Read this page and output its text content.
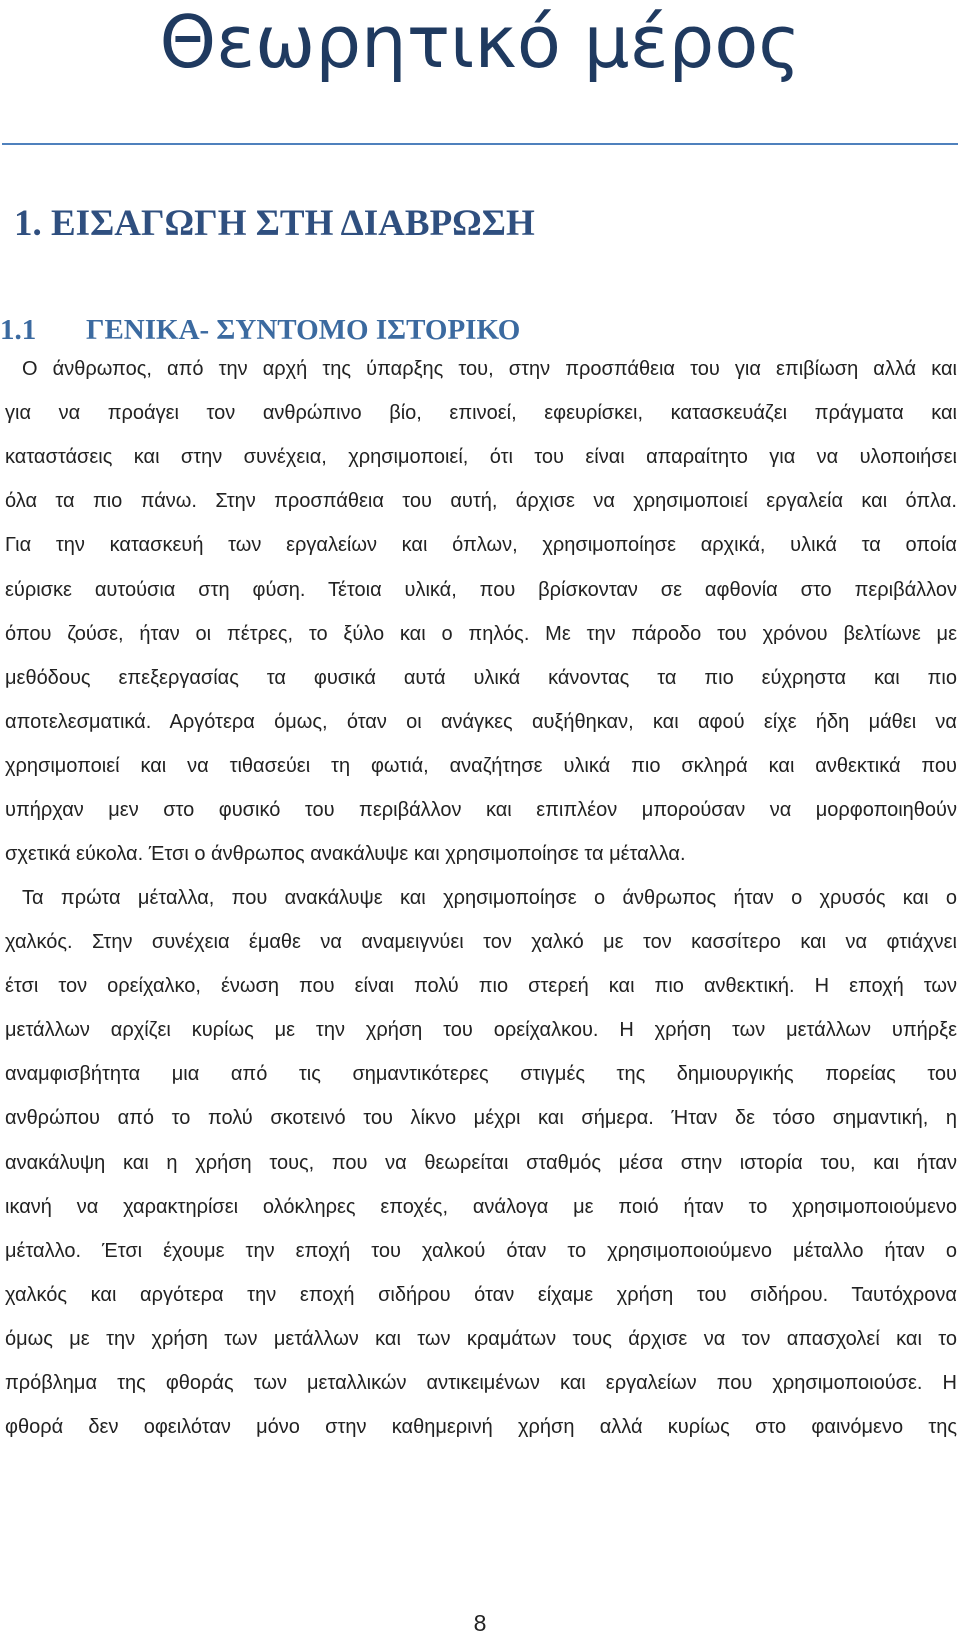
Θεωρητικό μέρος
1. ΕΙΣΑΓΩΓΗ ΣΤΗ ΔΙΑΒΡΩΣΗ
1.1 ΓΕΝΙΚΑ- ΣΥΝΤΟΜΟ ΙΣΤΟΡΙΚΟ
Ο άνθρωπος, από την αρχή της ύπαρξης του, στην προσπάθεια του για επιβίωση αλλά και
για να προάγει τον ανθρώπινο βίο, επινοεί, εφευρίσκει, κατασκευάζει πράγματα και
καταστάσεις και στην συνέχεια, χρησιμοποιεί, ότι του είναι απαραίτητο για να υλοποιήσει
όλα τα πιο πάνω. Στην προσπάθεια του αυτή, άρχισε να χρησιμοποιεί εργαλεία και όπλα.
Για την κατασκευή των εργαλείων και όπλων, χρησιμοποίησε αρχικά, υλικά τα οποία
εύρισκε αυτούσια στη φύση. Τέτοια υλικά, που βρίσκονταν σε αφθονία στο περιβάλλον
όπου ζούσε, ήταν οι πέτρες, το ξύλο και ο πηλός. Με την πάροδο του χρόνου βελτίωνε με
μεθόδους επεξεργασίας τα φυσικά αυτά υλικά κάνοντας τα πιο εύχρηστα και πιο
αποτελεσματικά. Αργότερα όμως, όταν οι ανάγκες αυξήθηκαν, και αφού είχε ήδη μάθει να
χρησιμοποιεί και να τιθασεύει τη φωτιά, αναζήτησε υλικά πιο σκληρά και ανθεκτικά που
υπήρχαν μεν στο φυσικό του περιβάλλον και επιπλέον μπορούσαν να μορφοποιηθούν
σχετικά εύκολα. Έτσι ο άνθρωπος ανακάλυψε και χρησιμοποίησε τα μέταλλα.
Τα πρώτα μέταλλα, που ανακάλυψε και χρησιμοποίησε ο άνθρωπος ήταν ο χρυσός και ο
χαλκός. Στην συνέχεια έμαθε να αναμειγνύει τον χαλκό με τον κασσίτερο και να φτιάχνει
έτσι τον ορείχαλκο, ένωση που είναι πολύ πιο στερεή και πιο ανθεκτική. Η εποχή των
μετάλλων αρχίζει κυρίως με την χρήση του ορείχαλκου. Η χρήση των μετάλλων υπήρξε
αναμφισβήτητα μια από τις σημαντικότερες στιγμές της δημιουργικής πορείας του
ανθρώπου από το πολύ σκοτεινό του λίκνο μέχρι και σήμερα. Ήταν δε τόσο σημαντική, η
ανακάλυψη και η χρήση τους, που να θεωρείται σταθμός μέσα στην ιστορία του, και ήταν
ικανή να χαρακτηρίσει ολόκληρες εποχές, ανάλογα με ποιό ήταν το χρησιμοποιούμενο
μέταλλο. Έτσι έχουμε την εποχή του χαλκού όταν το χρησιμοποιούμενο μέταλλο ήταν ο
χαλκός και αργότερα την εποχή σιδήρου όταν είχαμε χρήση του σιδήρου. Ταυτόχρονα
όμως με την χρήση των μετάλλων και των κραμάτων τους άρχισε να τον απασχολεί και το
πρόβλημα της φθοράς των μεταλλικών αντικειμένων και εργαλείων που χρησιμοποιούσε. Η
φθορά δεν οφειλόταν μόνο στην καθημερινή χρήση αλλά κυρίως στο φαινόμενο της
8
